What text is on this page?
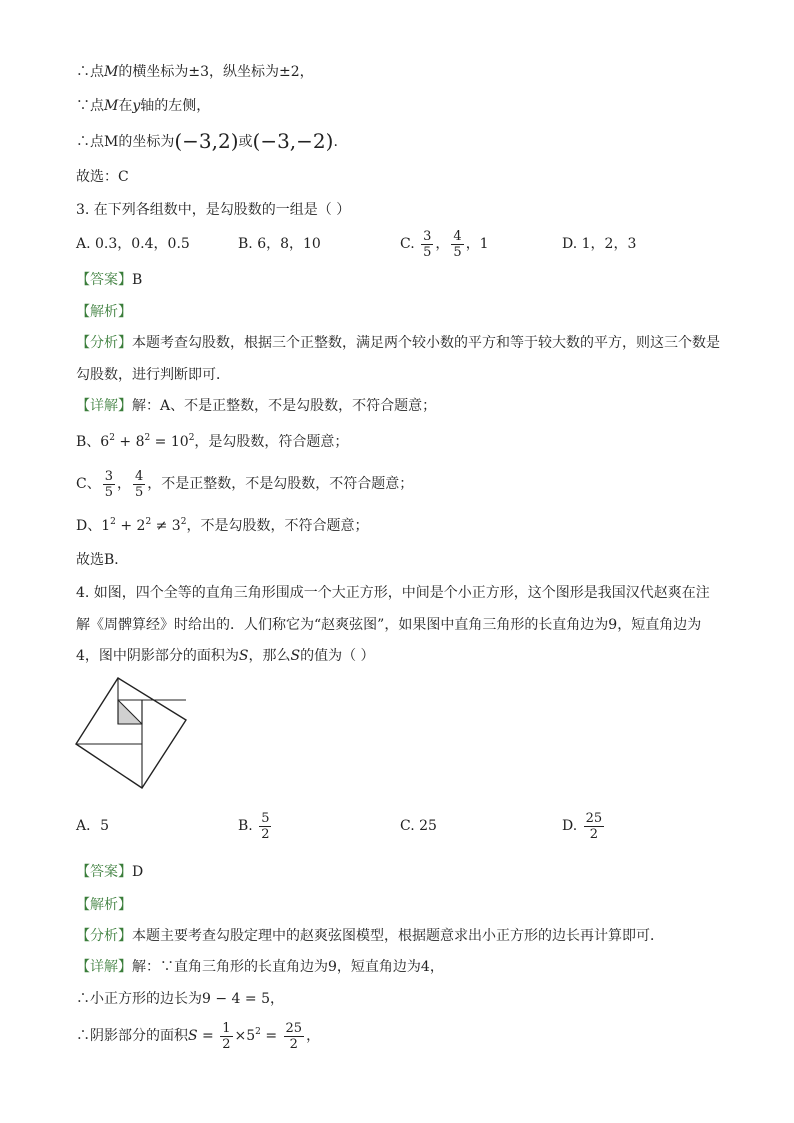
∴点M的横坐标为±3，纵坐标为±2，
∵点M在y轴的左侧，
∴点M的坐标为(−3,2)或(−3,−2).
故选：C
3. 在下列各组数中，是勾股数的一组是（ ）
A. 0.3，0.4，0.5	B. 6，8，10	C. $\frac{3}{5}$ ， $\frac{4}{5}$ ，1	D. 1，2，3
【答案】B
【解析】
【分析】本题考查勾股数，根据三个正整数，满足两个较小数的平方和等于较大数的平方，则这三个数是
勾股数，进行判断即可．
【详解】解：A、不是正整数，不是勾股数，不符合题意；
B、$6^2 + 8^2 = 10^2$，是勾股数，符合题意；
C、 $\frac{3}{5}$ ， $\frac{4}{5}$ ，不是正整数，不是勾股数，不符合题意；
D、$1^2 + 2^2 \ne 3^2$，不是勾股数，不符合题意；
故选B．
4. 如图，四个全等的直角三角形围成一个大正方形，中间是个小正方形，这个图形是我国汉代赵爽在注
解《周髀算经》时给出的．人们称它为“赵爽弦图”，如果图中直角三角形的长直角边为9，短直角边为
4，图中阴影部分的面积为S，那么S的值为（ ）
A．5	B. $\frac{5}{2}$	C. 25	D. $\frac{25}{2}$
【答案】D
【解析】
【分析】本题主要考查勾股定理中的赵爽弦图模型，根据题意求出小正方形的边长再计算即可．
【详解】解：∵直角三角形的长直角边为9，短直角边为4，
∴小正方形的边长为9 − 4 = 5，
∴阴影部分的面积$S = \frac{1}{2} \times 5^2 = \frac{25}{2}$ ，
